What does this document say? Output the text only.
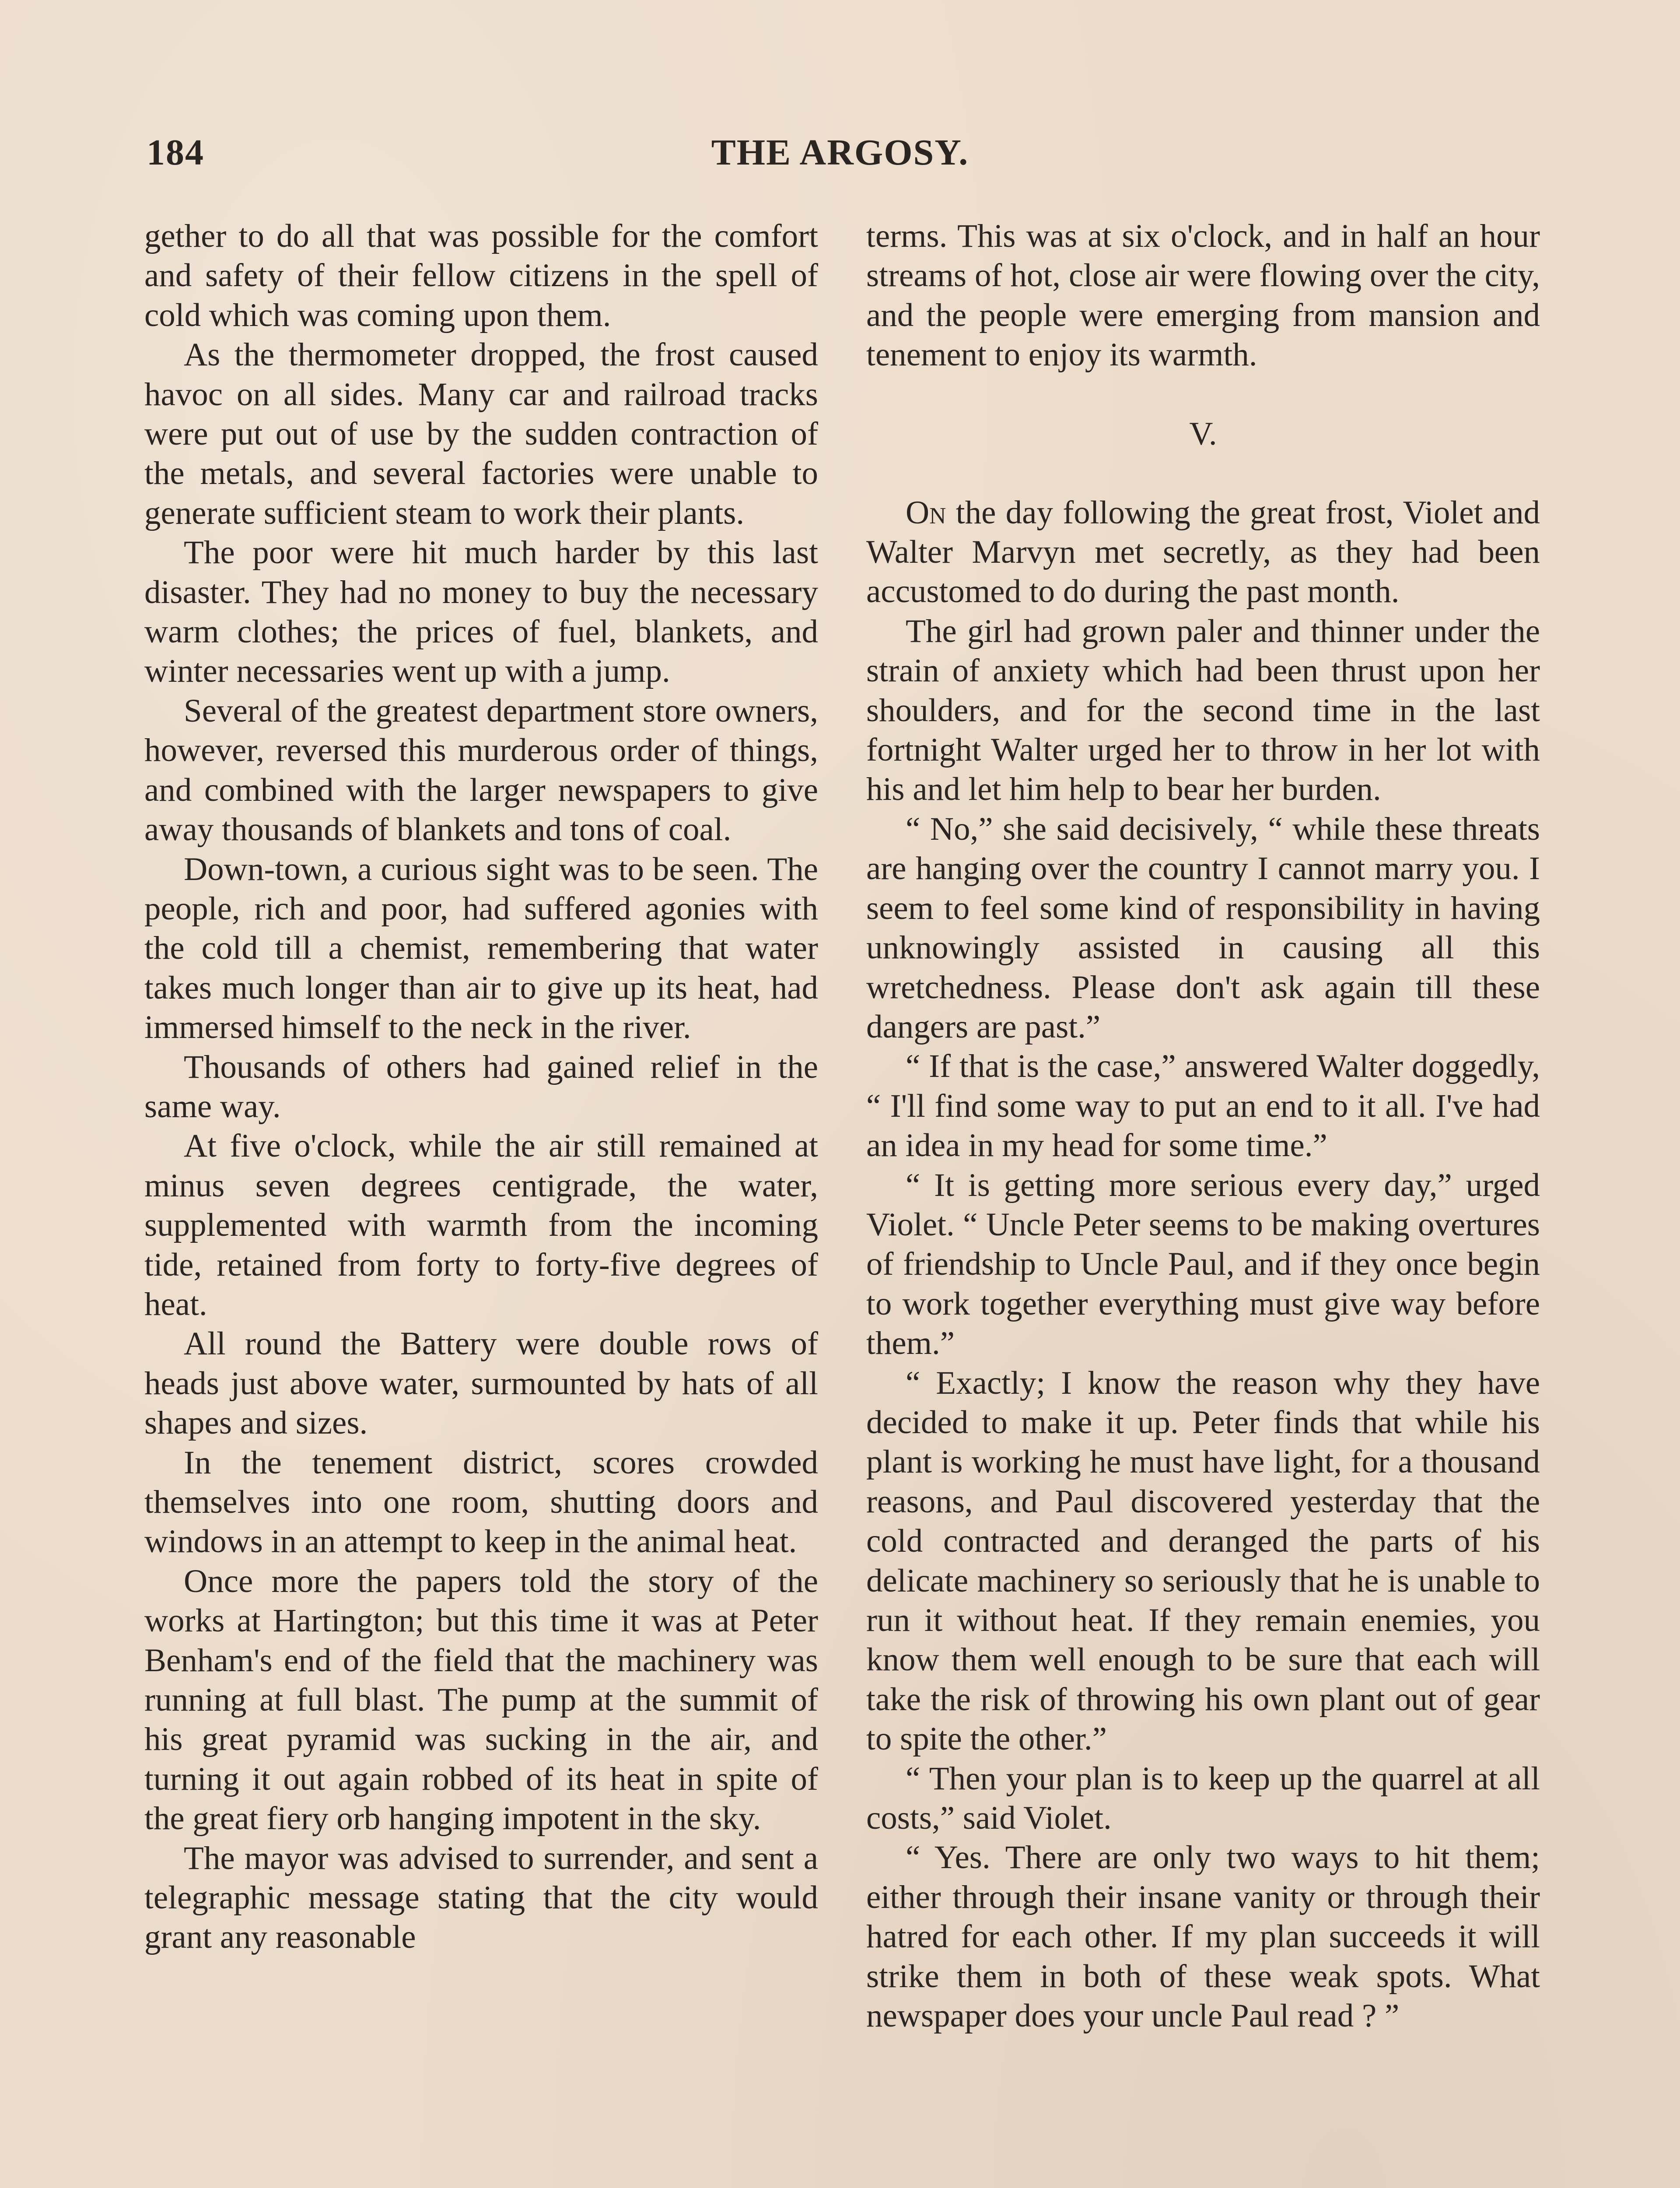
184	THE ARGOSY.

gether to do all that was possible for the comfort and safety of their fellow citizens in the spell of cold which was coming upon them.

As the thermometer dropped, the frost caused havoc on all sides. Many car and railroad tracks were put out of use by the sudden contraction of the metals, and several factories were unable to generate sufficient steam to work their plants.

The poor were hit much harder by this last disaster. They had no money to buy the necessary warm clothes; the prices of fuel, blankets, and winter necessaries went up with a jump.

Several of the greatest department store owners, however, reversed this murderous order of things, and combined with the larger newspapers to give away thousands of blankets and tons of coal.

Down-town, a curious sight was to be seen. The people, rich and poor, had suffered agonies with the cold till a chemist, remembering that water takes much longer than air to give up its heat, had immersed himself to the neck in the river.

Thousands of others had gained relief in the same way.

At five o'clock, while the air still remained at minus seven degrees centigrade, the water, supplemented with warmth from the incoming tide, retained from forty to forty-five degrees of heat.

All round the Battery were double rows of heads just above water, surmounted by hats of all shapes and sizes.

In the tenement district, scores crowded themselves into one room, shutting doors and windows in an attempt to keep in the animal heat.

Once more the papers told the story of the works at Hartington; but this time it was at Peter Benham's end of the field that the machinery was running at full blast. The pump at the summit of his great pyramid was sucking in the air, and turning it out again robbed of its heat in spite of the great fiery orb hanging impotent in the sky.

The mayor was advised to surrender, and sent a telegraphic message stating that the city would grant any reasonable

terms. This was at six o'clock, and in half an hour streams of hot, close air were flowing over the city, and the people were emerging from mansion and tenement to enjoy its warmth.

V.

On the day following the great frost, Violet and Walter Marvyn met secretly, as they had been accustomed to do during the past month.

The girl had grown paler and thinner under the strain of anxiety which had been thrust upon her shoulders, and for the second time in the last fortnight Walter urged her to throw in her lot with his and let him help to bear her burden.

“ No,” she said decisively, “ while these threats are hanging over the country I cannot marry you. I seem to feel some kind of responsibility in having unknowingly assisted in causing all this wretchedness. Please don't ask again till these dangers are past.”

“ If that is the case,” answered Walter doggedly, “ I'll find some way to put an end to it all. I've had an idea in my head for some time.”

“ It is getting more serious every day,” urged Violet. “ Uncle Peter seems to be making overtures of friendship to Uncle Paul, and if they once begin to work together everything must give way before them.”

“ Exactly; I know the reason why they have decided to make it up. Peter finds that while his plant is working he must have light, for a thousand reasons, and Paul discovered yesterday that the cold contracted and deranged the parts of his delicate machinery so seriously that he is unable to run it without heat. If they remain enemies, you know them well enough to be sure that each will take the risk of throwing his own plant out of gear to spite the other.”

“ Then your plan is to keep up the quarrel at all costs,” said Violet.

“ Yes. There are only two ways to hit them; either through their insane vanity or through their hatred for each other. If my plan succeeds it will strike them in both of these weak spots. What newspaper does your uncle Paul read ? ”
